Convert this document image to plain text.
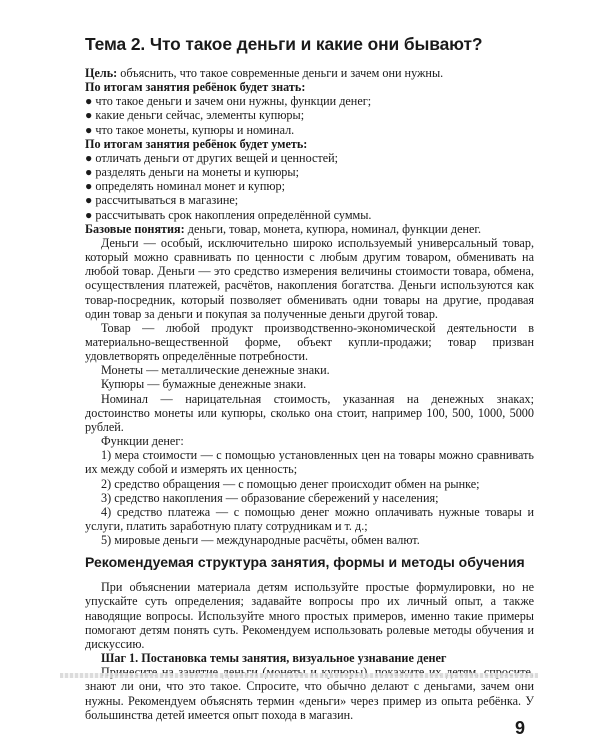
Тема 2. Что такое деньги и какие они бывают?

Цель: объяснить, что такое современные деньги и зачем они нужны.

По итогам занятия ребёнок будет знать:

● что такое деньги и зачем они нужны, функции денег;
● какие деньги сейчас, элементы купюры;
● что такое монеты, купюры и номинал.

По итогам занятия ребёнок будет уметь:

● отличать деньги от других вещей и ценностей;
● разделять деньги на монеты и купюры;
● определять номинал монет и купюр;
● рассчитываться в магазине;
● рассчитывать срок накопления определённой суммы.

Базовые понятия: деньги, товар, монета, купюра, номинал, функции денег.

Деньги — особый, исключительно широко используемый универсальный товар, который можно сравнивать по ценности с любым другим товаром, обменивать на любой товар. Деньги — это средство измерения величины стоимости товара, обмена, осуществления платежей, расчётов, накопления богатства. Деньги используются как товар-посредник, который позволяет обменивать одни товары на другие, продавая один товар за деньги и покупая за полученные деньги другой товар.

Товар — любой продукт производственно-экономической деятельности в материально-вещественной форме, объект купли-продажи; товар призван удовлетворять определённые потребности.

Монеты — металлические денежные знаки.

Купюры — бумажные денежные знаки.

Номинал — нарицательная стоимость, указанная на денежных знаках; достоинство монеты или купюры, сколько она стоит, например 100, 500, 1000, 5000 рублей.

Функции денег:

1) мера стоимости — с помощью установленных цен на товары можно сравнивать их между собой и измерять их ценность;

2) средство обращения — с помощью денег происходит обмен на рынке;

3) средство накопления — образование сбережений у населения;

4) средство платежа — с помощью денег можно оплачивать нужные товары и услуги, платить заработную плату сотрудникам и т. д.;

5) мировые деньги — международные расчёты, обмен валют.

Рекомендуемая структура занятия, формы и методы обучения

При объяснении материала детям используйте простые формулировки, но не упускайте суть определения; задавайте вопросы про их личный опыт, а также наводящие вопросы. Используйте много простых примеров, именно такие примеры помогают детям понять суть. Рекомендуем использовать ролевые методы обучения и дискуссию.

Шаг 1. Постановка темы занятия, визуальное узнавание денег

знают ли они, что это такое. Спросите, что обычно делают с деньгами, зачем они нужны. Рекомендуем объяснять термин «деньги» через пример из опыта ребёнка. У большинства детей имеется опыт похода в магазин.

9
